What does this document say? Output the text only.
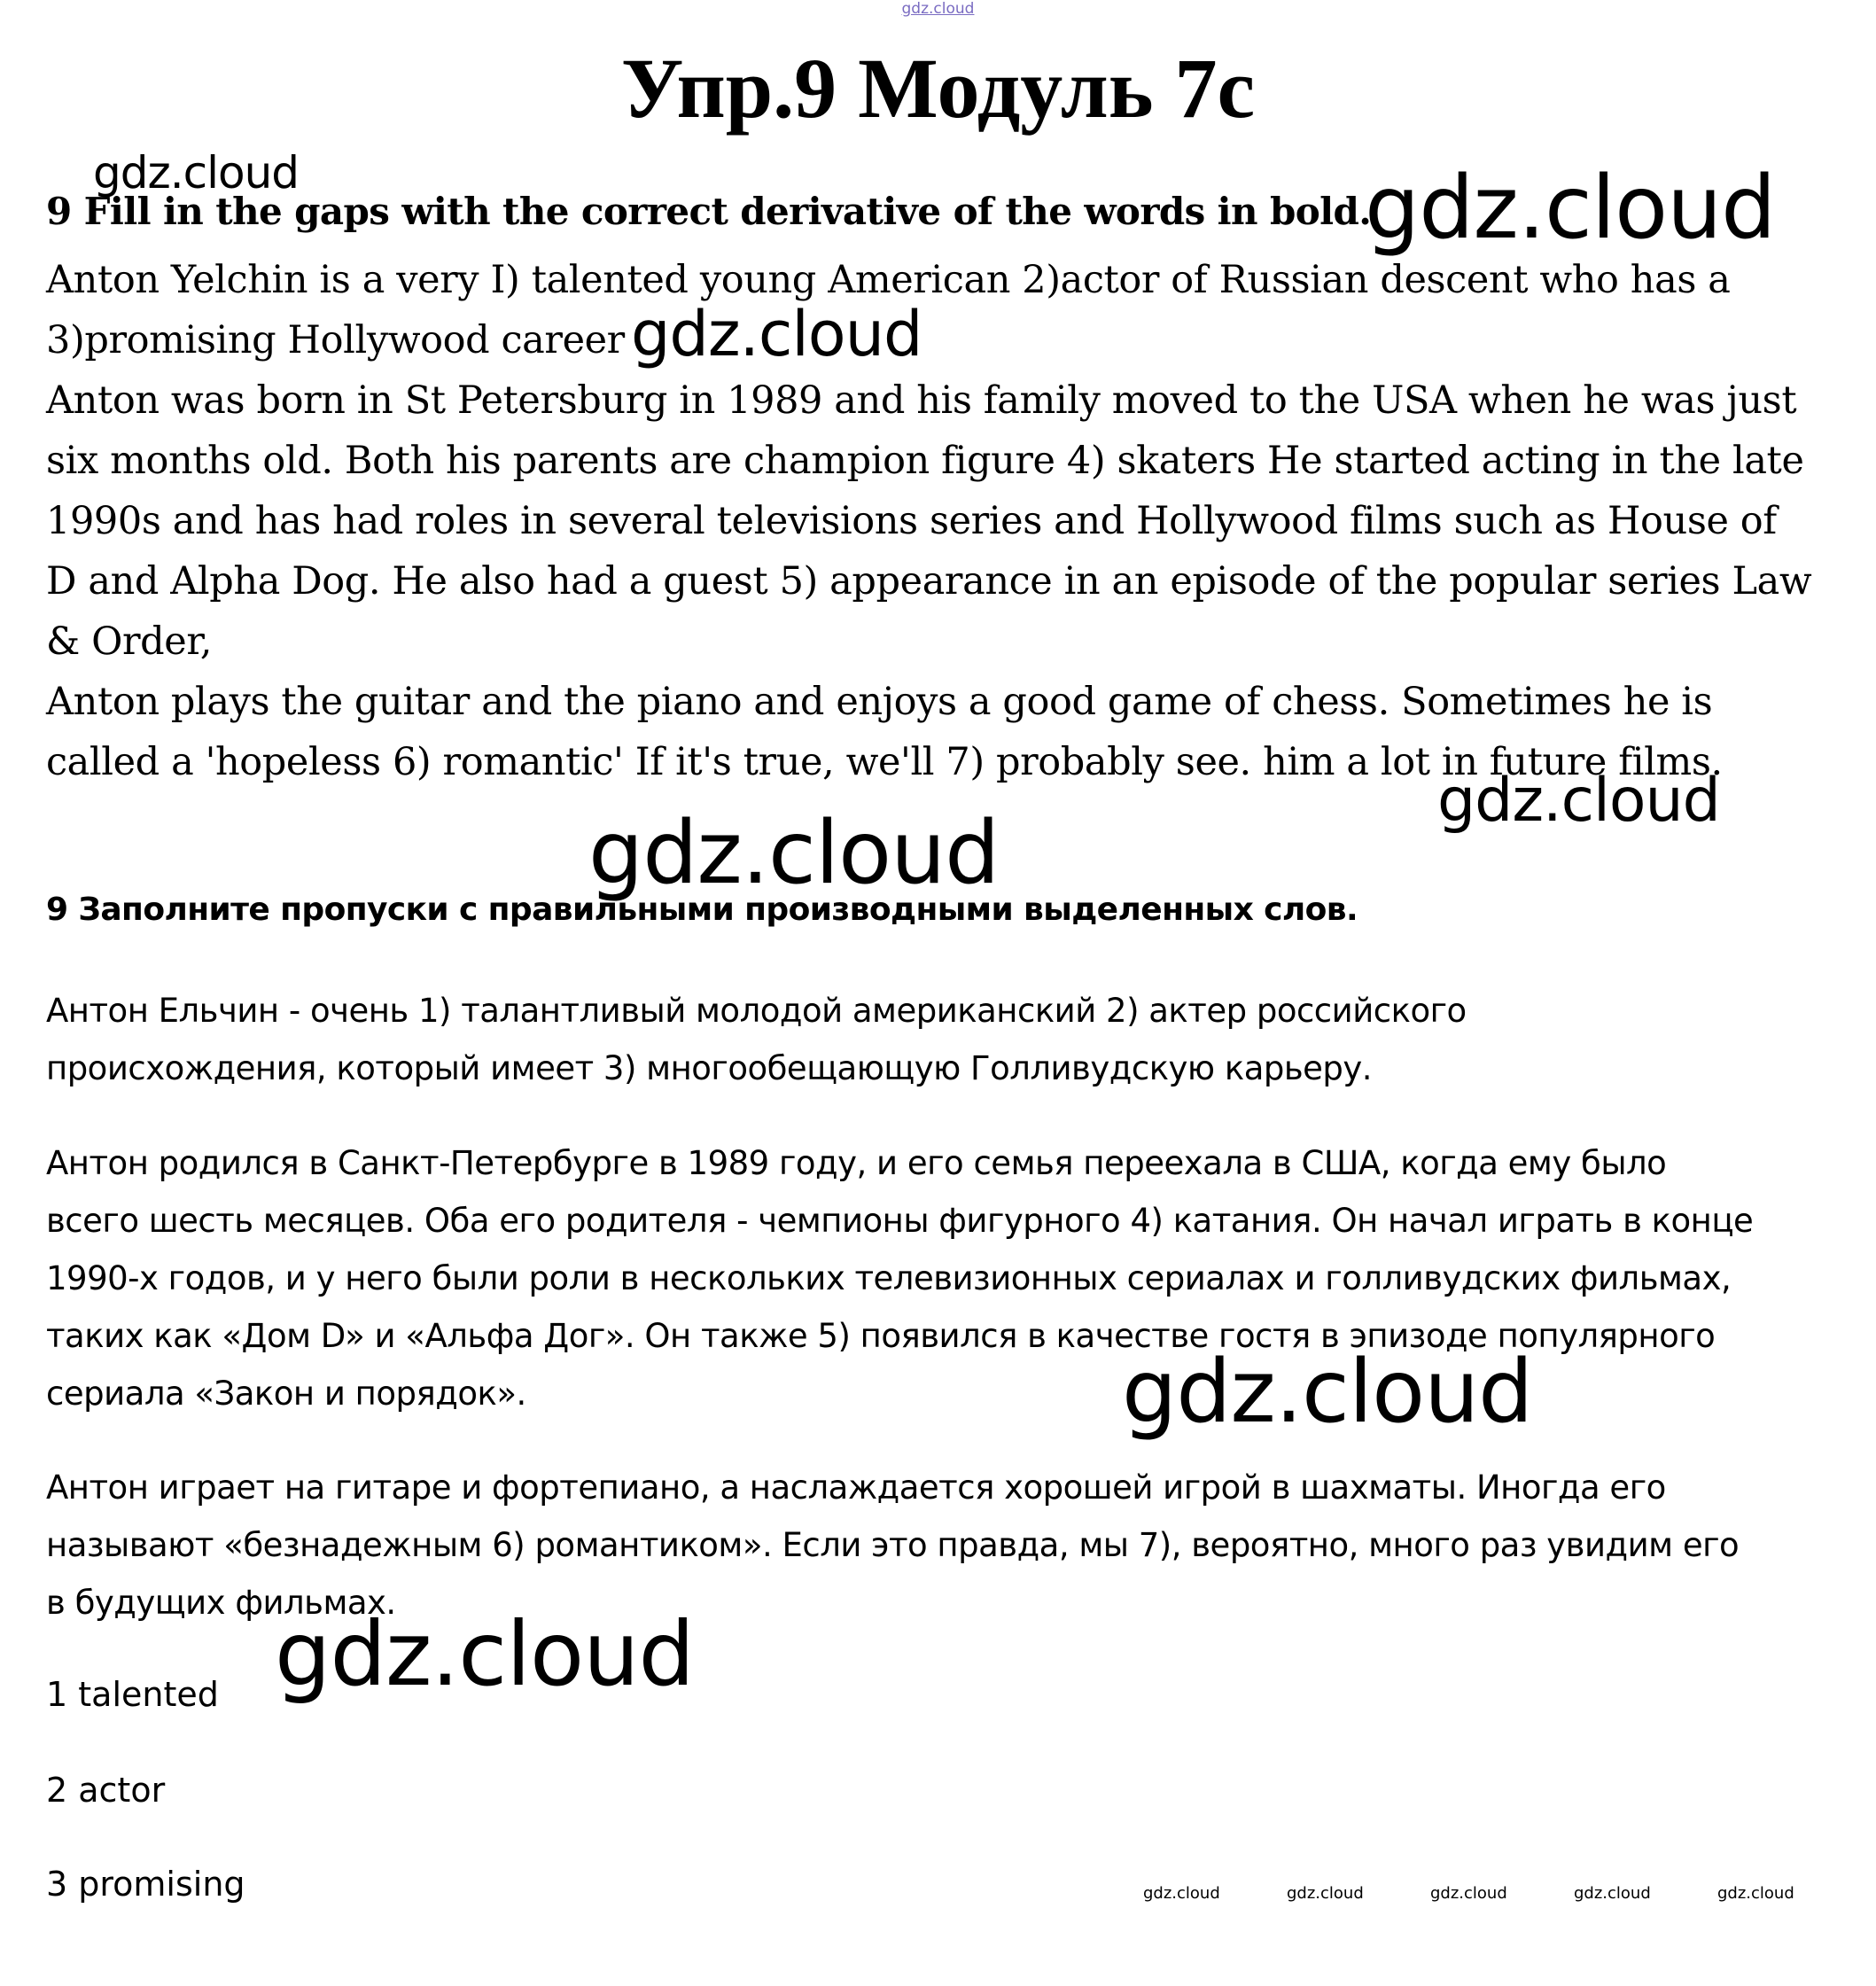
gdz.cloud
Упр.9 Модуль 7с
gdz.cloud
9 Fill in the gaps with the correct derivative of the words in bold.
gdz.cloud
Anton Yelchin is a very I) talented young American 2)actor of Russian descent who has a
3)promising Hollywood career
Anton was born in St Petersburg in 1989 and his family moved to the USA when he was just
six months old. Both his parents are champion figure 4) skaters He started acting in the late
1990s and has had roles in several televisions series and Hollywood films such as House of
D and Alpha Dog. He also had a guest 5) appearance in an episode of the popular series Law
& Order,
Anton plays the guitar and the piano and enjoys a good game of chess. Sometimes he is
called a 'hopeless 6) romantic' If it's true, we'll 7) probably see. him a lot in future films.
gdz.cloud
gdz.cloud
gdz.cloud
9 Заполните пропуски с правильными производными выделенных слов.
Антон Ельчин - очень 1) талантливый молодой американский 2) актер российского
происхождения, который имеет 3) многообещающую Голливудскую карьеру.
Антон родился в Санкт-Петербурге в 1989 году, и его семья переехала в США, когда ему было
всего шесть месяцев. Оба его родителя - чемпионы фигурного 4) катания. Он начал играть в конце
1990-х годов, и у него были роли в нескольких телевизионных сериалах и голливудских фильмах,
таких как «Дом D» и «Альфа Дог». Он также 5) появился в качестве гостя в эпизоде популярного
сериала «Закон и порядок».	gdz.cloud
Антон играет на гитаре и фортепиано, а наслаждается хорошей игрой в шахматы. Иногда его
называют «безнадежным 6) романтиком». Если это правда, мы 7), вероятно, много раз увидим его
в будущих фильмах.
gdz.cloud
1 talented
2 actor
3 promising	gdz.cloud	gdz.cloud	gdz.cloud	gdz.cloud	gdz.cloud
